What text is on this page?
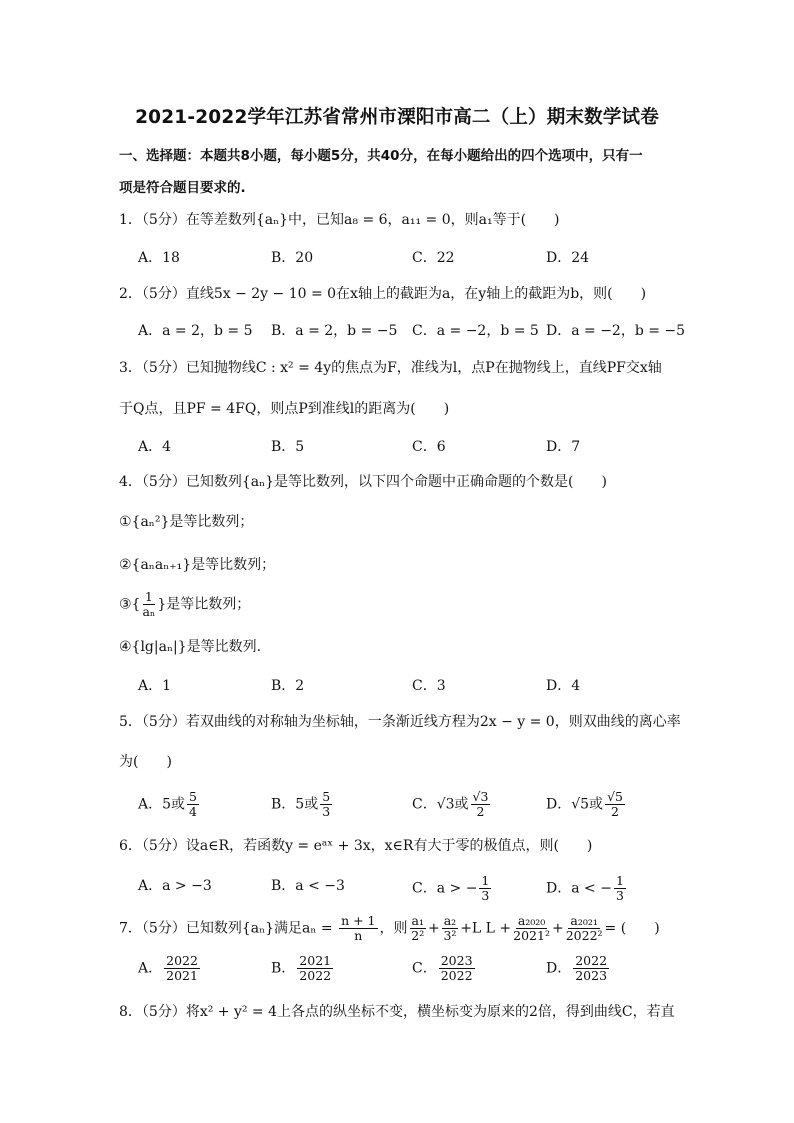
2021-2022学年江苏省常州市溧阳市高二（上）期末数学试卷
一、选择题：本题共8小题，每小题5分，共40分，在每小题给出的四个选项中，只有一
项是符合题目要求的.
1．（5分）在等差数列{aₙ}中，已知a₈ = 6，a₁₁ = 0，则a₁等于(　　)
A．18	B．20	C．22	D．24
2．（5分）直线5x − 2y − 10 = 0在x轴上的截距为a，在y轴上的截距为b，则(　　)
A．a = 2，b = 5 B．a = 2，b = −5 C．a = −2，b = 5 D．a = −2，b = −5
3．（5分）已知抛物线C : x² = 4y的焦点为F，准线为l，点P在抛物线上，直线PF交x轴
于Q点，且PF = 4FQ，则点P到准线l的距离为(　　)
A．4	B．5	C．6	D．7
4．（5分）已知数列{aₙ}是等比数列，以下四个命题中正确命题的个数是(　　)
①{aₙ²}是等比数列；
②{aₙaₙ₊₁}是等比数列；
③{ $\frac{1}{\text{aₙ}}$ }是等比数列；
④{lg|aₙ|}是等比数列.
A．1	B．2	C．3	D．4
5．（5分）若双曲线的对称轴为坐标轴，一条渐近线方程为2x − y = 0，则双曲线的离心率
为(　　)
A．5或 $\frac{5}{4}$	B．5或 $\frac{5}{3}$	C．√3或 $\frac{√3}{2}$	D．√5或 $\frac{√5}{2}$
6．（5分）设a∈R，若函数y = eᵃˣ + 3x，x∈R有大于零的极值点，则(　　)
A．a > −3	B．a < −3	C．a > − $\frac{1}{3}$	D．a < − $\frac{1}{3}$
7．（5分）已知数列{aₙ}满足$a_n = \frac{n + 1}{n}$ ，则 $\frac{\text{a₁}}{\text{2²}} + \frac{\text{a₂}}{\text{3²}} +L$ $L + \frac{\text{a₂₀₂₀}}{\text{2021²}} + \frac{\text{a₂₀₂₁}}{\text{2022²}}$ = (　　)
A． $\frac{2022}{2021}$	B． $\frac{2021}{2022}$	C． $\frac{2023}{2022}$	D． $\frac{2022}{2023}$
8．（5分）将x² + y² = 4上各点的纵坐标不变，横坐标变为原来的2倍，得到曲线C，若直
